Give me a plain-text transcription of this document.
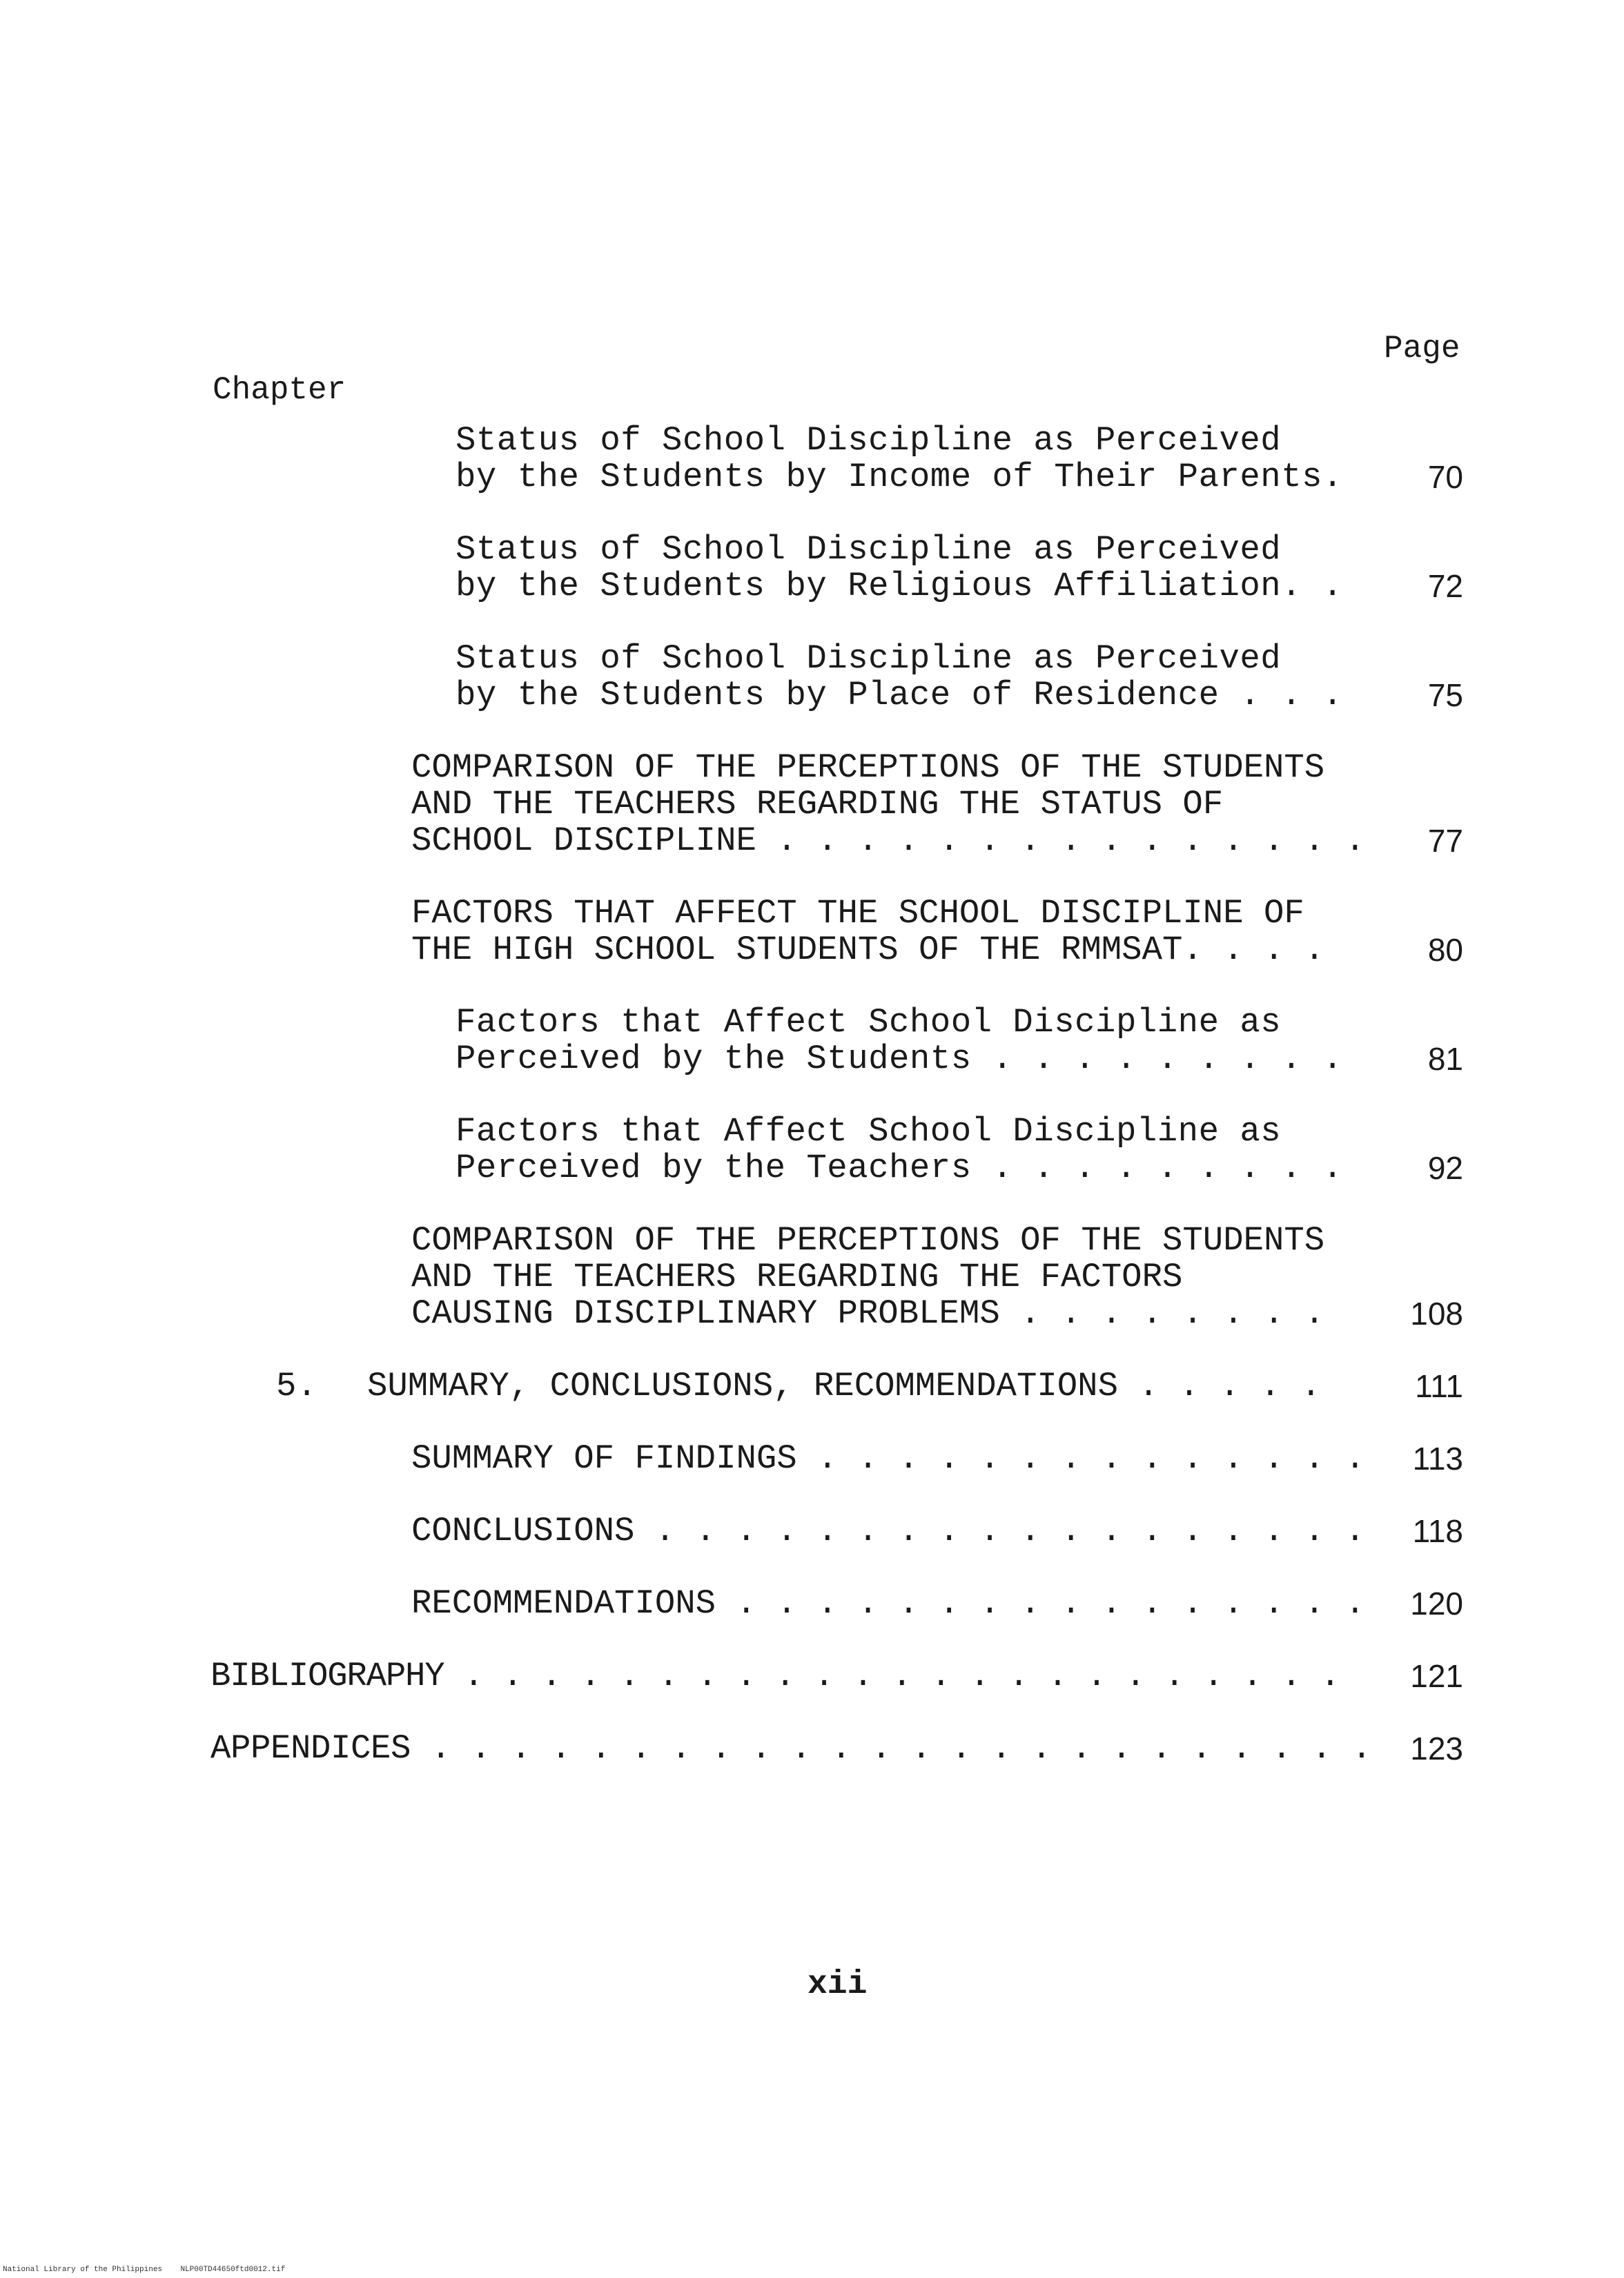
Page
Chapter
Status of School Discipline as Perceived
by the Students by Income of Their Parents.	70
Status of School Discipline as Perceived
by the Students by Religious Affiliation. .	72
Status of School Discipline as Perceived
by the Students by Place of Residence . . .	75
COMPARISON OF THE PERCEPTIONS OF THE STUDENTS
AND THE TEACHERS REGARDING THE STATUS OF
SCHOOL DISCIPLINE . . . . . . . . . . . . . . .	77
FACTORS THAT AFFECT THE SCHOOL DISCIPLINE OF
THE HIGH SCHOOL STUDENTS OF THE RMMSAT. . . .	80
Factors that Affect School Discipline as
Perceived by the Students . . . . . . . . .	81
Factors that Affect School Discipline as
Perceived by the Teachers . . . . . . . . .	92
COMPARISON OF THE PERCEPTIONS OF THE STUDENTS
AND THE TEACHERS REGARDING THE FACTORS
CAUSING DISCIPLINARY PROBLEMS . . . . . . . .	108
5. SUMMARY, CONCLUSIONS, RECOMMENDATIONS . . . . .	111
SUMMARY OF FINDINGS . . . . . . . . . . . . . .	113
CONCLUSIONS . . . . . . . . . . . . . . . . . .	118
RECOMMENDATIONS . . . . . . . . . . . . . . . .	120
BIBLIOGRAPHY . . . . . . . . . . . . . . . . . . . . . . .	121
APPENDICES . . . . . . . . . . . . . . . . . . . . . . . .	123
xii
National Library of the Philippines NLP00TD44650ftd0012.tif
